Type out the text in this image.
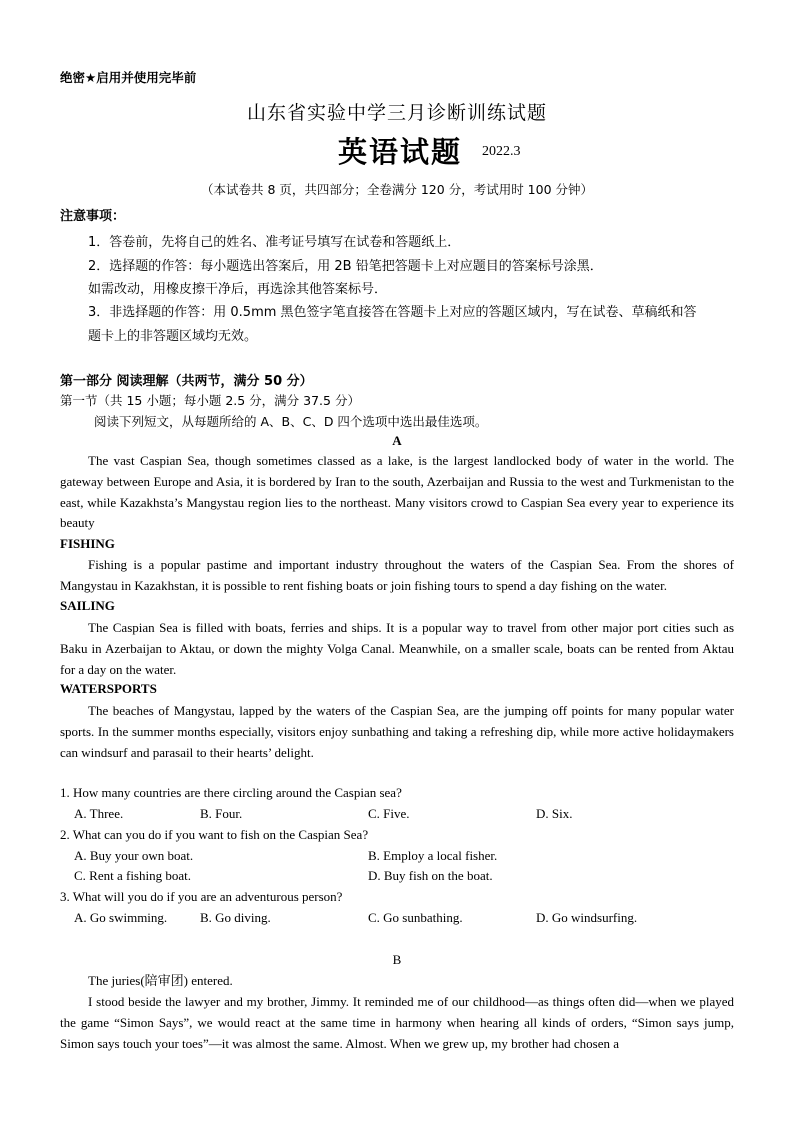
绝密★启用并使用完毕前
山东省实验中学三月诊断训练试题
英语试题 2022.3
（本试卷共 8 页，共四部分；全卷满分 120 分，考试用时 100 分钟）
注意事项：
1．答卷前，先将自己的姓名、准考证号填写在试卷和答题纸上．
2．选择题的作答：每小题选出答案后，用 2B 铅笔把答题卡上对应题目的答案标号涂黑．
如需改动，用橡皮擦干净后，再选涂其他答案标号．
3．非选择题的作答：用 0.5mm 黑色签字笔直接答在答题卡上对应的答题区域内，写在试卷、草稿纸和答
题卡上的非答题区域均无效。
第一部分 阅读理解（共两节，满分 50 分）
第一节（共 15 小题；每小题 2.5 分，满分 37.5 分）
阅读下列短文，从每题所给的 A、B、C、D 四个选项中选出最佳选项。
A

The vast Caspian Sea, though sometimes classed as a lake, is the largest landlocked body of water in the world. The gateway between Europe and Asia, it is bordered by Iran to the south, Azerbaijan and Russia to the west and Turkmenistan to the east, while Kazakhsta’s Mangystau region lies to the northeast. Many visitors crowd to Caspian Sea every year to experience its beauty

FISHING

Fishing is a popular pastime and important industry throughout the waters of the Caspian Sea. From the shores of Mangystau in Kazakhstan, it is possible to rent fishing boats or join fishing tours to spend a day fishing on the water.

SAILING

The Caspian Sea is filled with boats, ferries and ships. It is a popular way to travel from other major port cities such as Baku in Azerbaijan to Aktau, or down the mighty Volga Canal. Meanwhile, on a smaller scale, boats can be rented from Aktau for a day on the water.

WATERSPORTS

The beaches of Mangystau, lapped by the waters of the Caspian Sea, are the jumping off points for many popular water sports. In the summer months especially, visitors enjoy sunbathing and taking a refreshing dip, while more active holidaymakers can windsurf and parasail to their hearts’ delight.

1. How many countries are there circling around the Caspian sea?
A. Three.	B. Four.	C. Five.	D. Six.
2. What can you do if you want to fish on the Caspian Sea?
A. Buy your own boat.	B. Employ a local fisher.
C. Rent a fishing boat.	D. Buy fish on the boat.
3. What will you do if you are an adventurous person?
A. Go swimming.	B. Go diving.	C. Go sunbathing.	D. Go windsurfing.
B

The juries(陪审团) entered.

I stood beside the lawyer and my brother, Jimmy. It reminded me of our childhood—as things often did—when we played the game “Simon Says”, we would react at the same time in harmony when hearing all kinds of orders, “Simon says jump, Simon says touch your toes”—it was almost the same. Almost. When we grew up, my brother had chosen a
